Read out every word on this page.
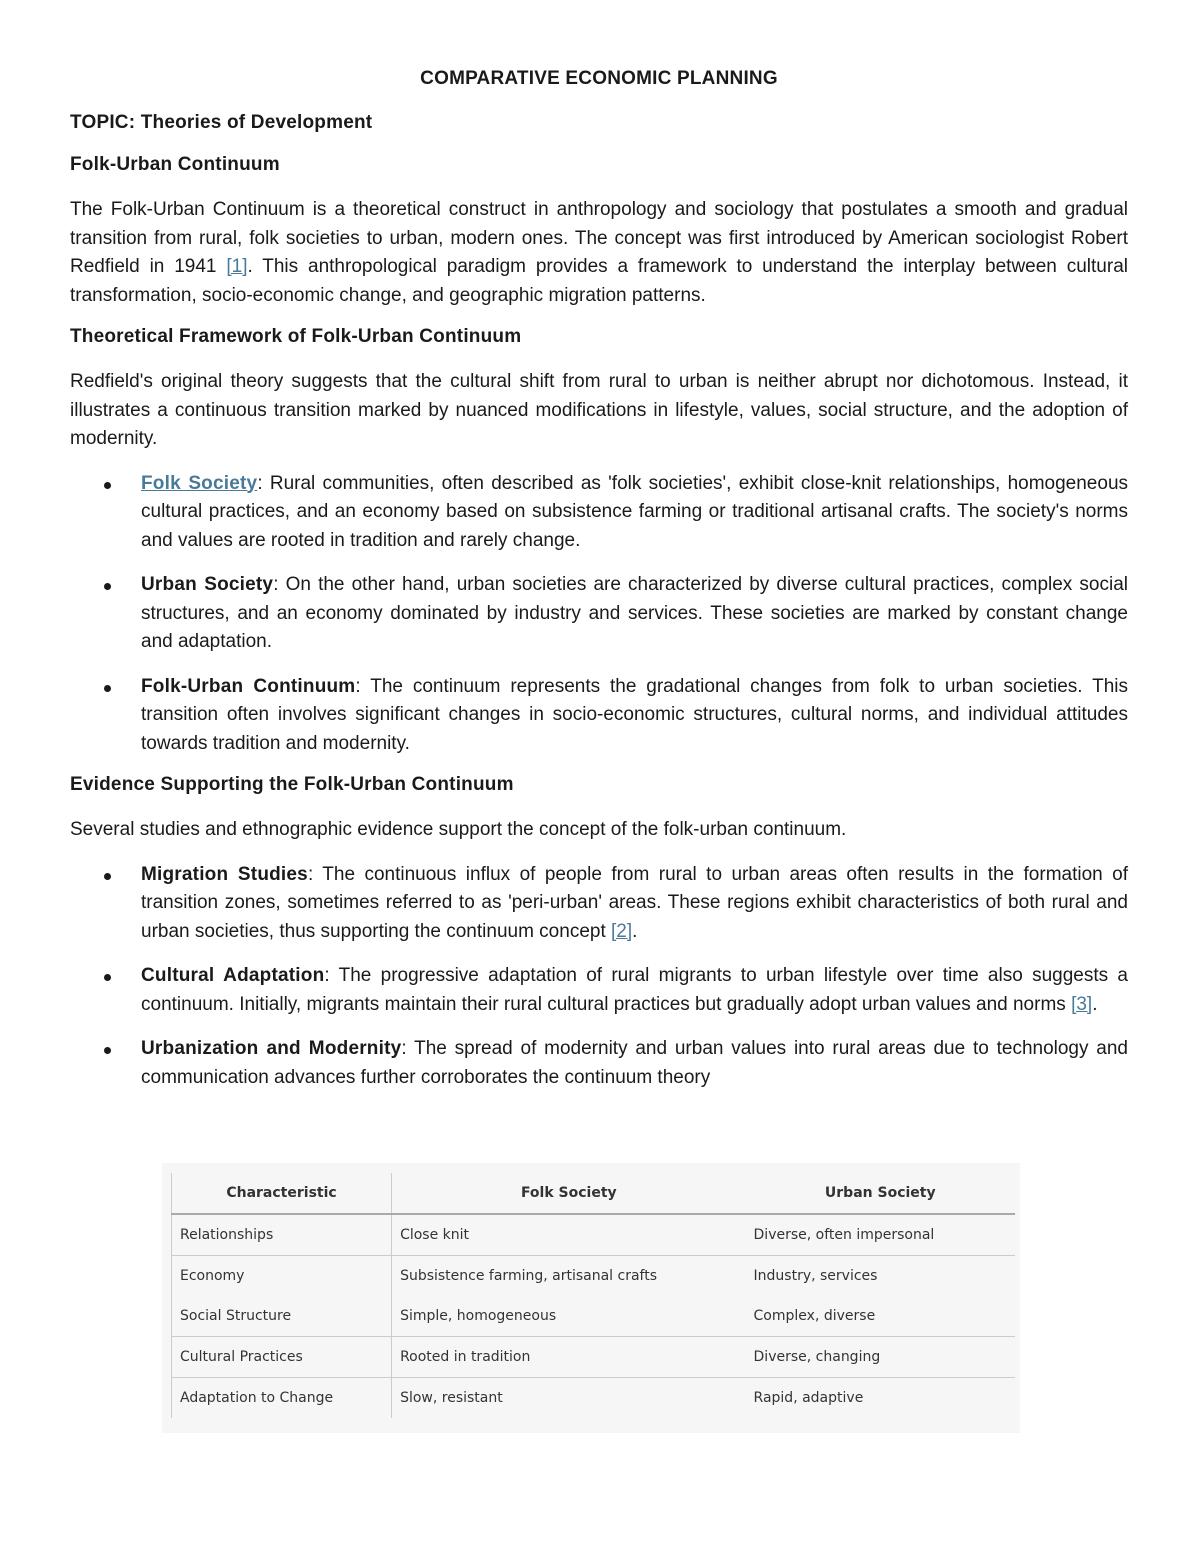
COMPARATIVE ECONOMIC PLANNING
TOPIC: Theories of Development
Folk-Urban Continuum

The Folk-Urban Continuum is a theoretical construct in anthropology and sociology that postulates a smooth and gradual transition from rural, folk societies to urban, modern ones. The concept was first introduced by American sociologist Robert Redfield in 1941 [1]. This anthropological paradigm provides a framework to understand the interplay between cultural transformation, socio-economic change, and geographic migration patterns.

Theoretical Framework of Folk-Urban Continuum

Redfield's original theory suggests that the cultural shift from rural to urban is neither abrupt nor dichotomous. Instead, it illustrates a continuous transition marked by nuanced modifications in lifestyle, values, social structure, and the adoption of modernity.

Folk Society: Rural communities, often described as 'folk societies', exhibit close-knit relationships, homogeneous cultural practices, and an economy based on subsistence farming or traditional artisanal crafts. The society's norms and values are rooted in tradition and rarely change.
Urban Society: On the other hand, urban societies are characterized by diverse cultural practices, complex social structures, and an economy dominated by industry and services. These societies are marked by constant change and adaptation.
Folk-Urban Continuum: The continuum represents the gradational changes from folk to urban societies. This transition often involves significant changes in socio-economic structures, cultural norms, and individual attitudes towards tradition and modernity.
Evidence Supporting the Folk-Urban Continuum

Several studies and ethnographic evidence support the concept of the folk-urban continuum.

Migration Studies: The continuous influx of people from rural to urban areas often results in the formation of transition zones, sometimes referred to as 'peri-urban' areas. These regions exhibit characteristics of both rural and urban societies, thus supporting the continuum concept [2].
Cultural Adaptation: The progressive adaptation of rural migrants to urban lifestyle over time also suggests a continuum. Initially, migrants maintain their rural cultural practices but gradually adopt urban values and norms [3].
Urbanization and Modernity: The spread of modernity and urban values into rural areas due to technology and communication advances further corroborates the continuum theory
Characteristic	Folk Society	Urban Society
Relationships	Close knit	Diverse, often impersonal
Economy	Subsistence farming, artisanal crafts	Industry, services
Social Structure	Simple, homogeneous	Complex, diverse
Cultural Practices	Rooted in tradition	Diverse, changing
Adaptation to Change	Slow, resistant	Rapid, adaptive
